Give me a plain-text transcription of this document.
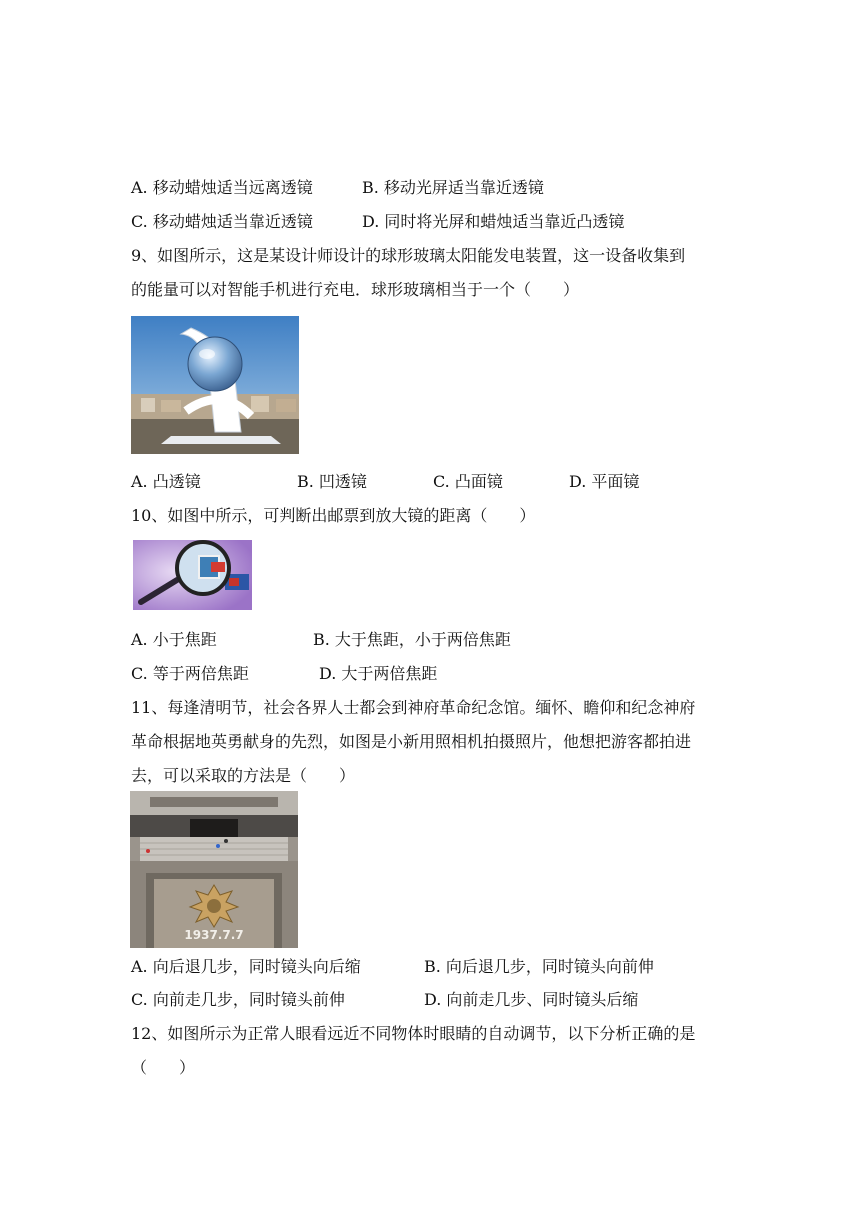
A. 移动蜡烛适当远离透镜	B. 移动光屏适当靠近透镜
C. 移动蜡烛适当靠近透镜	D. 同时将光屏和蜡烛适当靠近凸透镜
9、如图所示，这是某设计师设计的球形玻璃太阳能发电装置，这一设备收集到
的能量可以对智能手机进行充电．球形玻璃相当于一个（　　）
A. 凸透镜	B. 凹透镜	C. 凸面镜	D. 平面镜
10、如图中所示，可判断出邮票到放大镜的距离（　　）
A. 小于焦距	B. 大于焦距，小于两倍焦距
C. 等于两倍焦距	D. 大于两倍焦距
11、每逢清明节，社会各界人士都会到神府革命纪念馆。缅怀、瞻仰和纪念神府
革命根据地英勇献身的先烈，如图是小新用照相机拍摄照片，他想把游客都拍进
去，可以采取的方法是（　　）
1937.7.7
A. 向后退几步，同时镜头向后缩	B. 向后退几步，同时镜头向前伸
C. 向前走几步，同时镜头前伸	D. 向前走几步、同时镜头后缩
12、如图所示为正常人眼看远近不同物体时眼睛的自动调节，以下分析正确的是
（　　）
